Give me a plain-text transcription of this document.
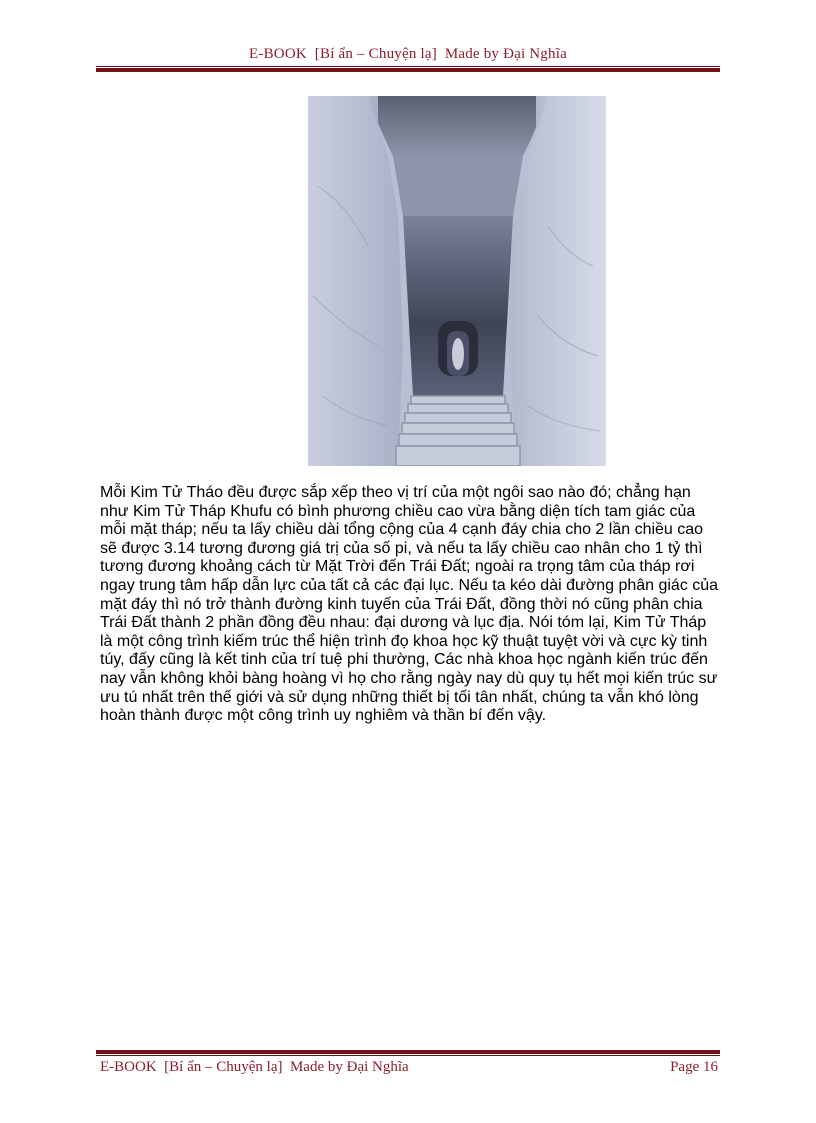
E-BOOK  [Bí ẩn – Chuyện lạ]  Made by Đại Nghĩa

Mỗi Kim Tử Tháo đều được sắp xếp theo vị trí của một ngôi sao nào đó; chẳng hạn như Kim Tử Tháp Khufu có bình phương chiều cao vừa bằng diện tích tam giác của mỗi mặt tháp; nếu ta lấy chiều dài tổng cộng của 4 cạnh đáy chia cho 2 lần chiều cao sẽ được 3.14 tương đương giá trị của số pi, và nếu ta lấy chiều cao nhân cho 1 tỷ thì tương đương khoảng cách từ Mặt Trời đến Trái Đất; ngoài ra trọng tâm của tháp rơi ngay trung tâm hấp dẫn lực của tất cả các đại lục. Nếu ta kéo dài đường phân giác của mặt đáy thì nó trở thành đường kinh tuyến của Trái Đất, đồng thời nó cũng phân chia Trái Đất thành 2 phần đồng đều nhau: đại dương và lục địa. Nói tóm lại, Kim Tử Tháp là một công trình kiếm trúc thể hiện trình đọ khoa học kỹ thuật tuyệt vời và cực kỳ tinh túy, đấy cũng là kết tinh của trí tuệ phi thường, Các nhà khoa học ngành kiến trúc đến nay vẫn không khỏi bàng hoàng vì họ cho rằng ngày nay dù quy tụ hết mọi kiến trúc sư ưu tú nhất trên thế giới và sử dụng những thiết bị tối tân nhất, chúng ta vẫn khó lòng hoàn thành được một công trình uy nghiêm và thần bí đến vậy.

E-BOOK  [Bí ẩn – Chuyện lạ]  Made by Đại Nghĩa	Page 16
